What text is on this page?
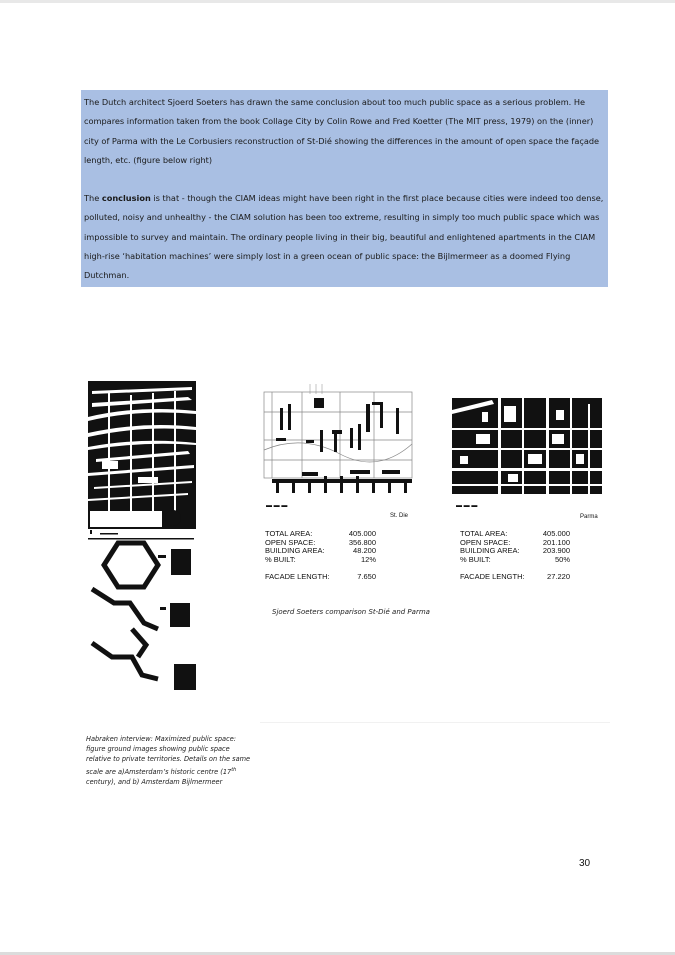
The Dutch architect Sjoerd Soeters has drawn the same conclusion about too much public space as a serious problem. He compares information taken from the book Collage City by Colin Rowe and Fred Koetter (The MIT press, 1979) on the (inner) city of Parma with the Le Corbusiers reconstruction of St-Dié showing the differences in the amount of open space the façade length, etc. (figure below right)

The conclusion is that - though the CIAM ideas might have been right in the first place because cities were indeed too dense, polluted, noisy and unhealthy - the CIAM solution has been too extreme, resulting in simply too much public space which was impossible to survey and maintain. The ordinary people living in their big, beautiful and enlightened apartments in the CIAM high-rise ‘habitation machines’ were simply lost in a green ocean of public space: the Bijlmermeer as a doomed Flying Dutchman.

▬ ▬ ▬
St. Die
▬ ▬ ▬
Parma
TOTAL AREA:	405.000
OPEN SPACE:	356.800
BUILDING AREA:	48.200
% BUILT:	12%
FACADE LENGTH:	7.650
TOTAL AREA:	405.000
OPEN SPACE:	201.100
BUILDING AREA:	203.900
% BUILT:	50%
FACADE LENGTH:	27.220
Sjoerd Soeters comparison St-Dié and Parma
Habraken interview: Maximized public space: figure ground images showing public space relative to private territories. Details on the same scale are a)Amsterdam’s historic centre (17th century), and b) Amsterdam Bijlmermeer
30
